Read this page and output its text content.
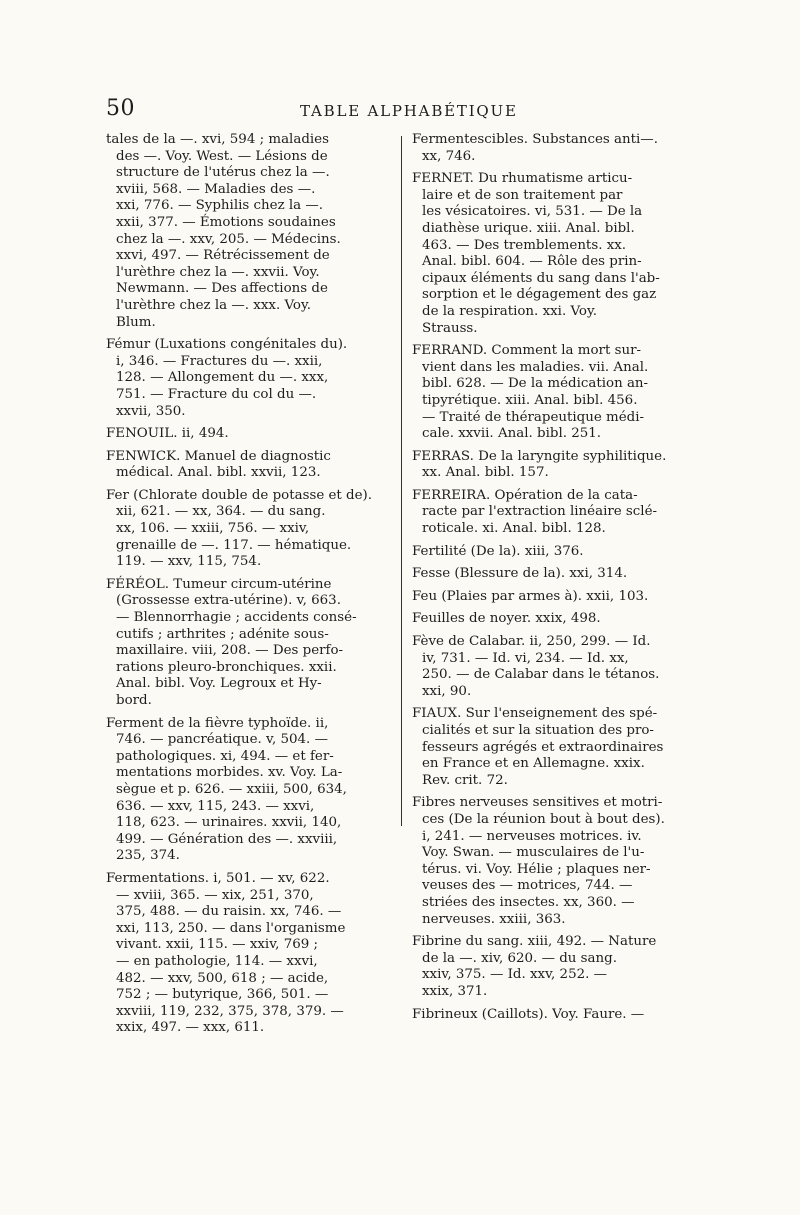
50	TABLE ALPHABÉTIQUE
tales de la —. xvi, 594 ; maladies
des —. Voy. West. — Lésions de
structure de l'utérus chez la —.
xviii, 568. — Maladies des —.
xxi, 776. — Syphilis chez la —.
xxii, 377. — Émotions soudaines
chez la —. xxv, 205. — Médecins.
xxvi, 497. — Rétrécissement de
l'urèthre chez la —. xxvii. Voy.
Newmann. — Des affections de
l'urèthre chez la —. xxx. Voy.
Blum.
Fémur (Luxations congénitales du).
i, 346. — Fractures du —. xxii,
128. — Allongement du —. xxx,
751. — Fracture du col du —.
xxvii, 350.
FENOUIL. ii, 494.
FENWICK. Manuel de diagnostic
médical. Anal. bibl. xxvii, 123.
Fer (Chlorate double de potasse et de).
xii, 621. — xx, 364. — du sang.
xx, 106. — xxiii, 756. — xxiv,
grenaille de —. 117. — hématique.
119. — xxv, 115, 754.
FÉRÉOL. Tumeur circum-utérine
(Grossesse extra-utérine). v, 663.
— Blennorrhagie ; accidents consé-
cutifs ; arthrites ; adénite sous-
maxillaire. viii, 208. — Des perfo-
rations pleuro-bronchiques. xxii.
Anal. bibl. Voy. Legroux et Hy-
bord.
Ferment de la fièvre typhoïde. ii,
746. — pancréatique. v, 504. —
pathologiques. xi, 494. — et fer-
mentations morbides. xv. Voy. La-
sègue et p. 626. — xxiii, 500, 634,
636. — xxv, 115, 243. — xxvi,
118, 623. — urinaires. xxvii, 140,
499. — Génération des —. xxviii,
235, 374.
Fermentations. i, 501. — xv, 622.
— xviii, 365. — xix, 251, 370,
375, 488. — du raisin. xx, 746. —
xxi, 113, 250. — dans l'organisme
vivant. xxii, 115. — xxiv, 769 ;
— en pathologie, 114. — xxvi,
482. — xxv, 500, 618 ; — acide,
752 ; — butyrique, 366, 501. —
xxviii, 119, 232, 375, 378, 379. —
xxix, 497. — xxx, 611.
Fermentescibles. Substances anti—.
xx, 746.
FERNET. Du rhumatisme articu-
laire et de son traitement par
les vésicatoires. vi, 531. — De la
diathèse urique. xiii. Anal. bibl.
463. — Des tremblements. xx.
Anal. bibl. 604. — Rôle des prin-
cipaux éléments du sang dans l'ab-
sorption et le dégagement des gaz
de la respiration. xxi. Voy.
Strauss.
FERRAND. Comment la mort sur-
vient dans les maladies. vii. Anal.
bibl. 628. — De la médication an-
tipyrétique. xiii. Anal. bibl. 456.
— Traité de thérapeutique médi-
cale. xxvii. Anal. bibl. 251.
FERRAS. De la laryngite syphilitique.
xx. Anal. bibl. 157.
FERREIRA. Opération de la cata-
racte par l'extraction linéaire sclé-
roticale. xi. Anal. bibl. 128.
Fertilité (De la). xiii, 376.
Fesse (Blessure de la). xxi, 314.
Feu (Plaies par armes à). xxii, 103.
Feuilles de noyer. xxix, 498.
Fève de Calabar. ii, 250, 299. — Id.
iv, 731. — Id. vi, 234. — Id. xx,
250. — de Calabar dans le tétanos.
xxi, 90.
FIAUX. Sur l'enseignement des spé-
cialités et sur la situation des pro-
fesseurs agrégés et extraordinaires
en France et en Allemagne. xxix.
Rev. crit. 72.
Fibres nerveuses sensitives et motri-
ces (De la réunion bout à bout des).
i, 241. — nerveuses motrices. iv.
Voy. Swan. — musculaires de l'u-
térus. vi. Voy. Hélie ; plaques ner-
veuses des — motrices, 744. —
striées des insectes. xx, 360. —
nerveuses. xxiii, 363.
Fibrine du sang. xiii, 492. — Nature
de la —. xiv, 620. — du sang.
xxiv, 375. — Id. xxv, 252. —
xxix, 371.
Fibrineux (Caillots). Voy. Faure. —
